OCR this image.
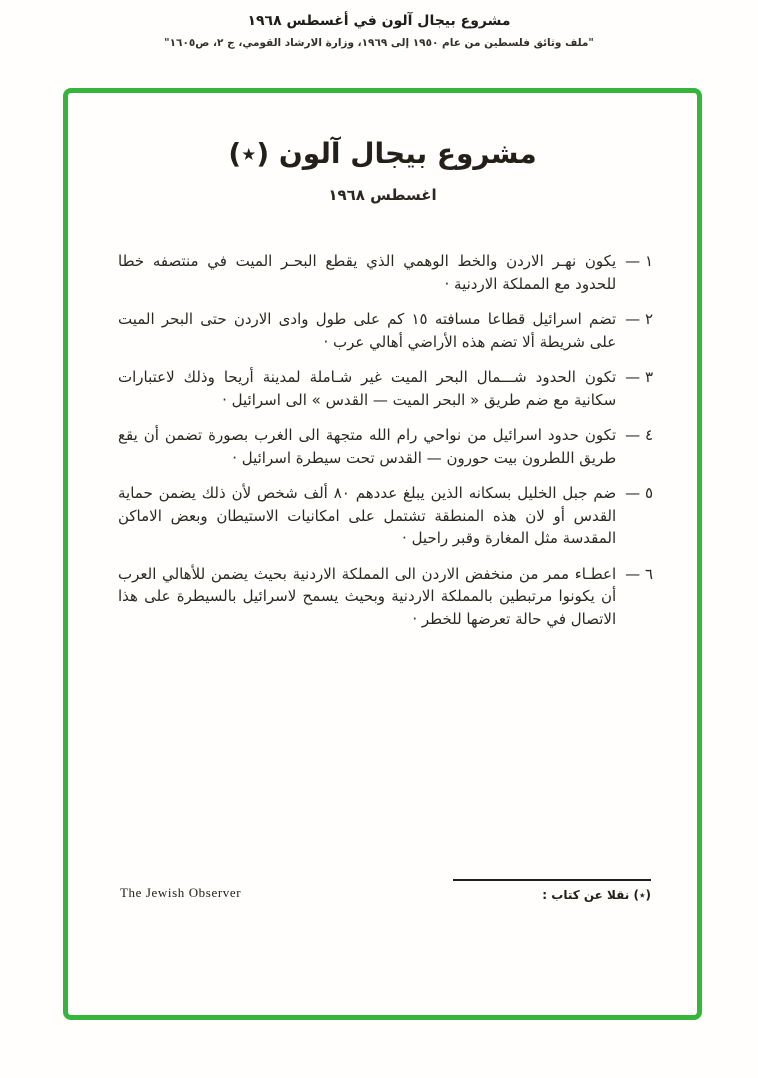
مشروع بيجال آلون في أغسطس ١٩٦٨
"ملف وثائق فلسطين من عام ١٩٥٠ إلى ١٩٦٩، وزارة الارشاد القومي، ج ٢، ص١٦٠٥"
مشروع بيجال آلون (٭)
اغسطس ١٩٦٨
١ —
يكون نهـر الاردن والخط الوهمي الذي يقطع البحـر الميت في منتصفه خطا للحدود مع المملكة الاردنية ·
٢ —
تضم اسرائيل قطاعا مسافته ١٥ كم على طول وادى الاردن حتى البحر الميت على شريطة ألا تضم هذه الأراضي أهالي عرب ·
٣ —
تكون الحدود شـــمال البحر الميت غير شـاملة لمدينة أريحا وذلك لاعتبارات سكانية مع ضم طريق « البحر الميت — القدس » الى اسرائيل ·
٤ —
تكون حدود اسرائيل من نواحي رام الله متجهة الى الغرب بصورة تضمن أن يقع طريق اللطرون بيت حورون — القدس تحت سيطرة اسرائيل ·
٥ —
ضم جبل الخليل بسكانه الذين يبلغ عددهم ٨٠ ألف شخص لأن ذلك يضمن حماية القدس أو لان هذه المنطقة تشتمل على امكانيات الاستيطان وبعض الاماكن المقدسة مثل المغارة وقبر راحيل ·
٦ —
اعطـاء ممر من منخفض الاردن الى المملكة الاردنية بحيث يضمن للأهالي العرب أن يكونوا مرتبطين بالمملكة الاردنية وبحيث يسمح لاسرائيل بالسيطرة على هذا الاتصال في حالة تعرضها للخطر ·
The Jewish Observer	(٭) نقلا عن كتاب :
